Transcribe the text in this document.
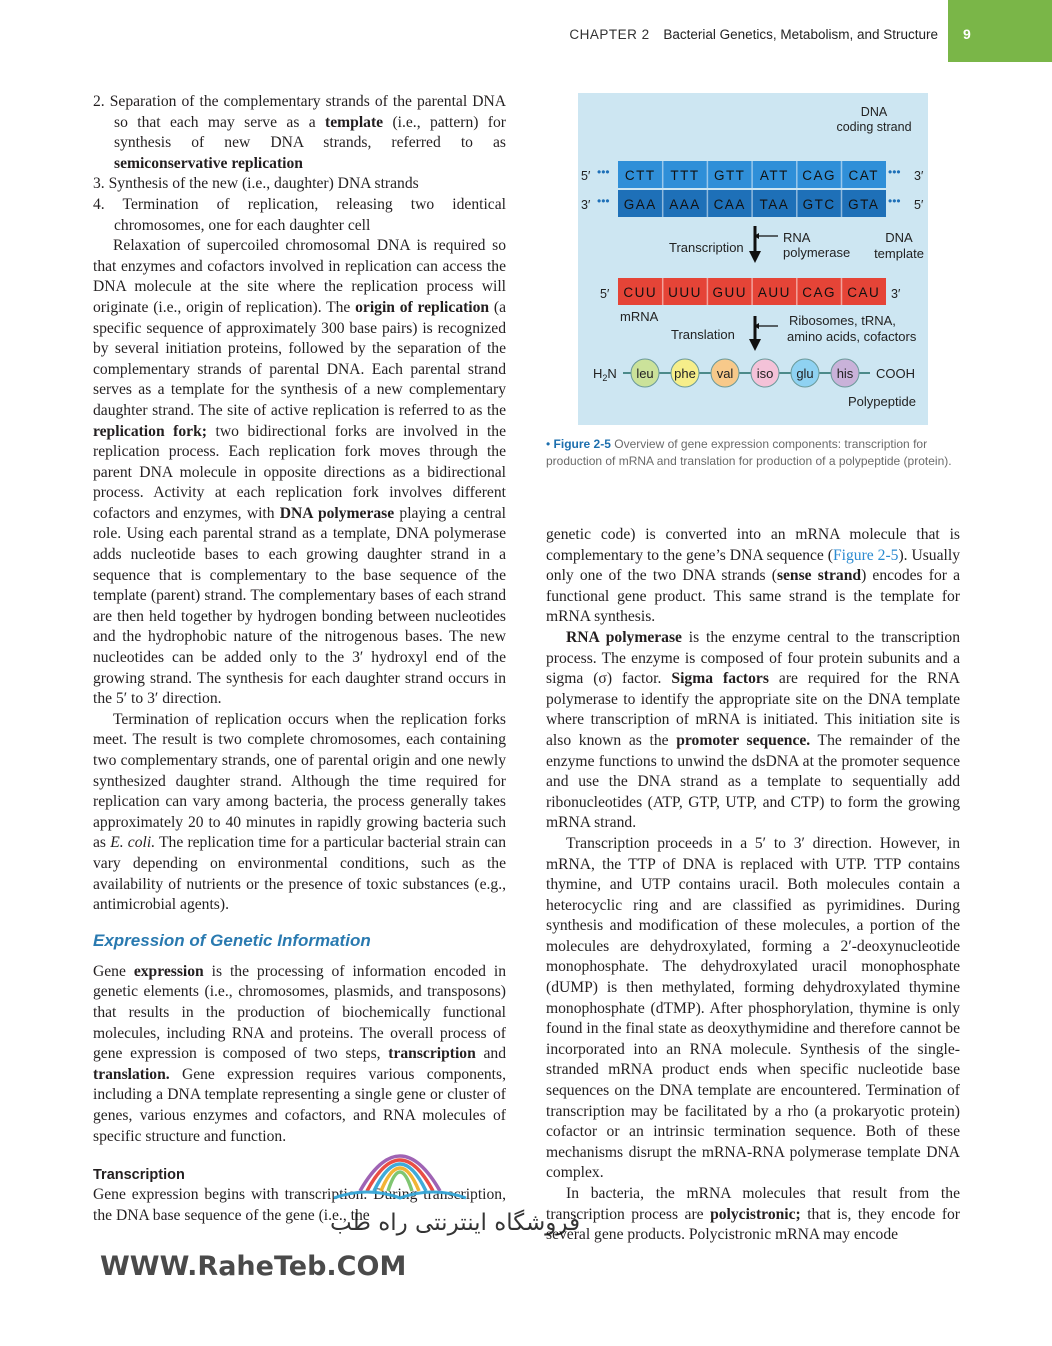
CHAPTER 2 Bacterial Genetics, Metabolism, and Structure 9

2. Separation of the complementary strands of the parental DNA so that each may serve as a template (i.e., pattern) for synthesis of new DNA strands, referred to as semiconservative replication

3. Synthesis of the new (i.e., daughter) DNA strands

4. Termination of replication, releasing two identical chromosomes, one for each daughter cell

Relaxation of supercoiled chromosomal DNA is required so that enzymes and cofactors involved in replication can access the DNA molecule at the site where the replication process will originate (i.e., origin of replication). The origin of replication (a specific sequence of approximately 300 base pairs) is recognized by several initiation proteins, followed by the separation of the complementary strands of parental DNA. Each parental strand serves as a template for the synthesis of a new complementary daughter strand. The site of active replication is referred to as the replication fork; two bidirectional forks are involved in the replication process. Each replication fork moves through the parent DNA molecule in opposite directions as a bidirectional process. Activity at each replication fork involves different cofactors and enzymes, with DNA polymerase playing a central role. Using each parental strand as a template, DNA polymerase adds nucleotide bases to each growing daughter strand in a sequence that is complementary to the base sequence of the template (parent) strand. The complementary bases of each strand are then held together by hydrogen bonding between nucleotides and the hydrophobic nature of the nitrogenous bases. The new nucleotides can be added only to the 3′ hydroxyl end of the growing strand. The synthesis for each daughter strand occurs in the 5′ to 3′ direction.

Termination of replication occurs when the replication forks meet. The result is two complete chromosomes, each containing two complementary strands, one of parental origin and one newly synthesized daughter strand. Although the time required for replication can vary among bacteria, the process generally takes approximately 20 to 40 minutes in rapidly growing bacteria such as E. coli. The replication time for a particular bacterial strain can vary depending on environmental conditions, such as the availability of nutrients or the presence of toxic substances (e.g., antimicrobial agents).

Expression of Genetic Information

Gene expression is the processing of information encoded in genetic elements (i.e., chromosomes, plasmids, and transposons) that results in the production of biochemically functional molecules, including RNA and proteins. The overall process of gene expression is composed of two steps, transcription and translation. Gene expression requires various components, including a DNA template representing a single gene or cluster of genes, various enzymes and cofactors, and RNA molecules of specific structure and function.

Transcription

Gene expression begins with transcription. During transcription, the DNA base sequence of the gene (i.e., the

DNA
coding strand
CTT TTT GTT ATT CAG CAT
GAA AAA CAA TAA GTC GTA
5′ •••	••• 3′
3′ •••	••• 5′
Transcription
RNA
polymerase
DNA
template
CUU UUU GUU AUU CAG CAU
5′	3′
mRNA
Translation
Ribosomes, tRNA,
amino acids, cofactors
$H_2N$ leu phe val iso glu his COOH
Polypeptide
• Figure 2-5 Overview of gene expression components: transcription for production of mRNA and translation for production of a polypeptide (protein).

genetic code) is converted into an mRNA molecule that is complementary to the gene’s DNA sequence (Figure 2-5). Usually only one of the two DNA strands (sense strand) encodes for a functional gene product. This same strand is the template for mRNA synthesis.

RNA polymerase is the enzyme central to the transcription process. The enzyme is composed of four protein subunits and a sigma (σ) factor. Sigma factors are required for the RNA polymerase to identify the appropriate site on the DNA template where transcription of mRNA is initiated. This initiation site is also known as the promoter sequence. The remainder of the enzyme functions to unwind the dsDNA at the promoter sequence and use the DNA strand as a template to sequentially add ribonucleotides (ATP, GTP, UTP, and CTP) to form the growing mRNA strand.

Transcription proceeds in a 5′ to 3′ direction. However, in mRNA, the TTP of DNA is replaced with UTP. TTP contains thymine, and UTP contains uracil. Both molecules contain a heterocyclic ring and are classified as pyrimidines. During synthesis and modification of these molecules, a portion of the molecules are dehydroxylated, forming a 2′-deoxynucleotide monophosphate. The dehydroxylated uracil monophosphate (dUMP) is then methylated, forming dehydroxylated thymine monophosphate (dTMP). After phosphorylation, thymine is only found in the final state as deoxythymidine and therefore cannot be incorporated into an RNA molecule. Synthesis of the single-stranded mRNA product ends when specific nucleotide base sequences on the DNA template are encountered. Termination of transcription may be facilitated by a rho (a prokaryotic protein) cofactor or an intrinsic termination sequence. Both of these mechanisms disrupt the mRNA-RNA polymerase template DNA complex.

In bacteria, the mRNA molecules that result from the transcription process are polycistronic; that is, they encode for several gene products. Polycistronic mRNA may encode

فروشگاه اینترنتی راه طب
WWW.RaheTeb.COM
